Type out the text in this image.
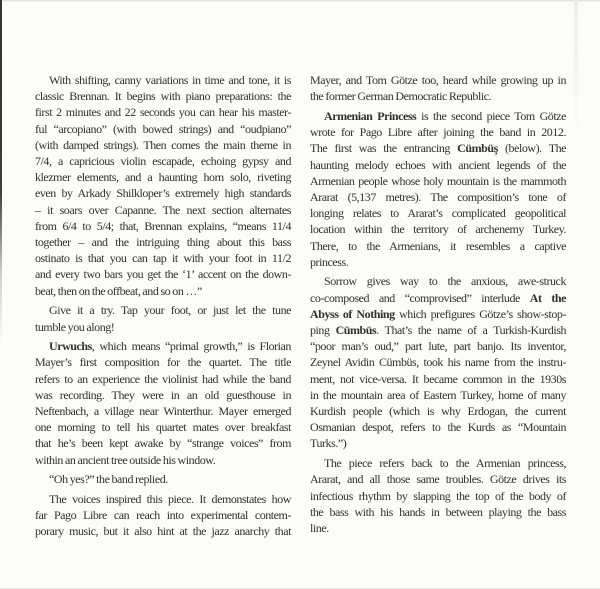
With shifting, canny variations in time and tone, it is
classic Brennan. It begins with piano preparations: the
first 2 minutes and 22 seconds you can hear his master-
ful “arcopiano” (with bowed strings) and “oudpiano”
(with damped strings). Then comes the main theme in
7/4, a capricious violin escapade, echoing gypsy and
klezmer elements, and a haunting horn solo, riveting
even by Arkady Shilkloper’s extremely high standards
– it soars over Capanne. The next section alternates
from 6/4 to 5/4; that, Brennan explains, “means 11/4
together – and the intriguing thing about this bass
ostinato is that you can tap it with your foot in 11/2
and every two bars you get the ‘1’ accent on the down-
beat, then on the offbeat, and so on …”
Give it a try. Tap your foot, or just let the tune
tumble you along!
Urwuchs, which means “primal growth,” is Florian
Mayer’s first composition for the quartet. The title
refers to an experience the violinist had while the band
was recording. They were in an old guesthouse in
Neftenbach, a village near Winterthur. Mayer emerged
one morning to tell his quartet mates over breakfast
that he’s been kept awake by “strange voices” from
within an ancient tree outside his window.
“Oh yes?” the band replied.
The voices inspired this piece. It demonstates how
far Pago Libre can reach into experimental contem-
porary music, but it also hint at the jazz anarchy that
Mayer, and Tom Götze too, heard while growing up in
the former German Democratic Republic.
Armenian Princess is the second piece Tom Götze
wrote for Pago Libre after joining the band in 2012.
The first was the entrancing Cümbüş (below). The
haunting melody echoes with ancient legends of the
Armenian people whose holy mountain is the mammoth
Ararat (5,137 metres). The composition’s tone of
longing relates to Ararat’s complicated geopolitical
location within the territory of archenemy Turkey.
There, to the Armenians, it resembles a captive
princess.
Sorrow gives way to the anxious, awe-struck
co-composed and “comprovised” interlude At the
Abyss of Nothing which prefigures Götze’s show-stop-
ping Cümbüs. That’s the name of a Turkish-Kurdish
“poor man’s oud,” part lute, part banjo. Its inventor,
Zeynel Avidin Cümbüs, took his name from the instru-
ment, not vice-versa. It became common in the 1930s
in the mountain area of Eastern Turkey, home of many
Kurdish people (which is why Erdogan, the current
Osmanian despot, refers to the Kurds as “Mountain
Turks.”)
The piece refers back to the Armenian princess,
Ararat, and all those same troubles. Götze drives its
infectious rhythm by slapping the top of the body of
the bass with his hands in between playing the bass
line.
